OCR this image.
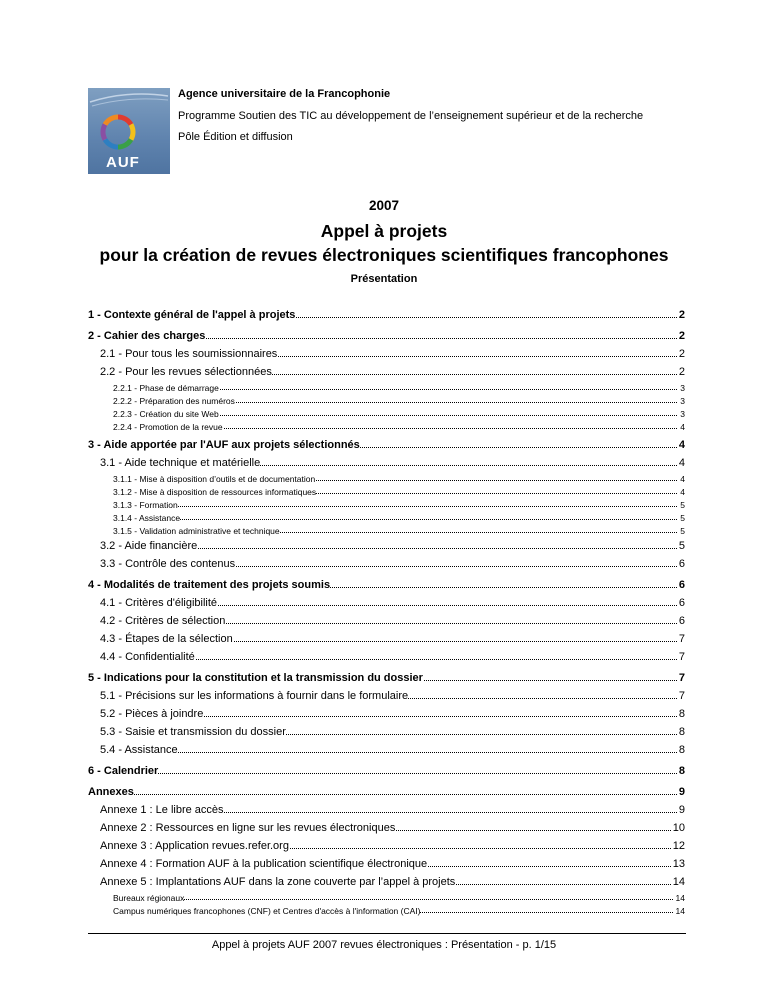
AUF
Agence universitaire de la Francophonie
Programme Soutien des TIC au développement de l’enseignement supérieur et de la recherche
Pôle Édition et diffusion
2007
Appel à projets
pour la création de revues électroniques scientifiques francophones
Présentation
1 - Contexte général de l'appel à projets	2
2 - Cahier des charges	2
2.1 - Pour tous les soumissionnaires	2
2.2 - Pour les revues sélectionnées	2
2.2.1 - Phase de démarrage	3
2.2.2 - Préparation des numéros	3
2.2.3 - Création du site Web	3
2.2.4 - Promotion de la revue	4
3 - Aide apportée par l'AUF aux projets sélectionnés	4
3.1 - Aide technique et matérielle	4
3.1.1 - Mise à disposition d’outils et de documentation	4
3.1.2 - Mise à disposition de ressources informatiques	4
3.1.3 - Formation	5
3.1.4 - Assistance	5
3.1.5 - Validation administrative et technique	5
3.2 - Aide financière	5
3.3 - Contrôle des contenus	6
4 - Modalités de traitement des projets soumis	6
4.1 - Critères d'éligibilité	6
4.2 - Critères de sélection	6
4.3 - Étapes de la sélection	7
4.4 - Confidentialité	7
5 - Indications pour la constitution et la transmission du dossier	7
5.1 - Précisions sur les informations à fournir dans le formulaire	7
5.2 - Pièces à joindre	8
5.3 - Saisie et transmission du dossier	8
5.4 - Assistance	8
6 - Calendrier	8
Annexes	9
Annexe 1 : Le libre accès	9
Annexe 2 : Ressources en ligne sur les revues électroniques	10
Annexe 3 : Application revues.refer.org	12
Annexe 4 : Formation AUF à la publication scientifique électronique	13
Annexe 5 : Implantations AUF dans la zone couverte par l’appel à projets	14
Bureaux régionaux	14
Campus numériques francophones (CNF) et Centres d'accès à l'information (CAI)	14
Appel à projets AUF 2007 revues électroniques : Présentation - p. 1/15
